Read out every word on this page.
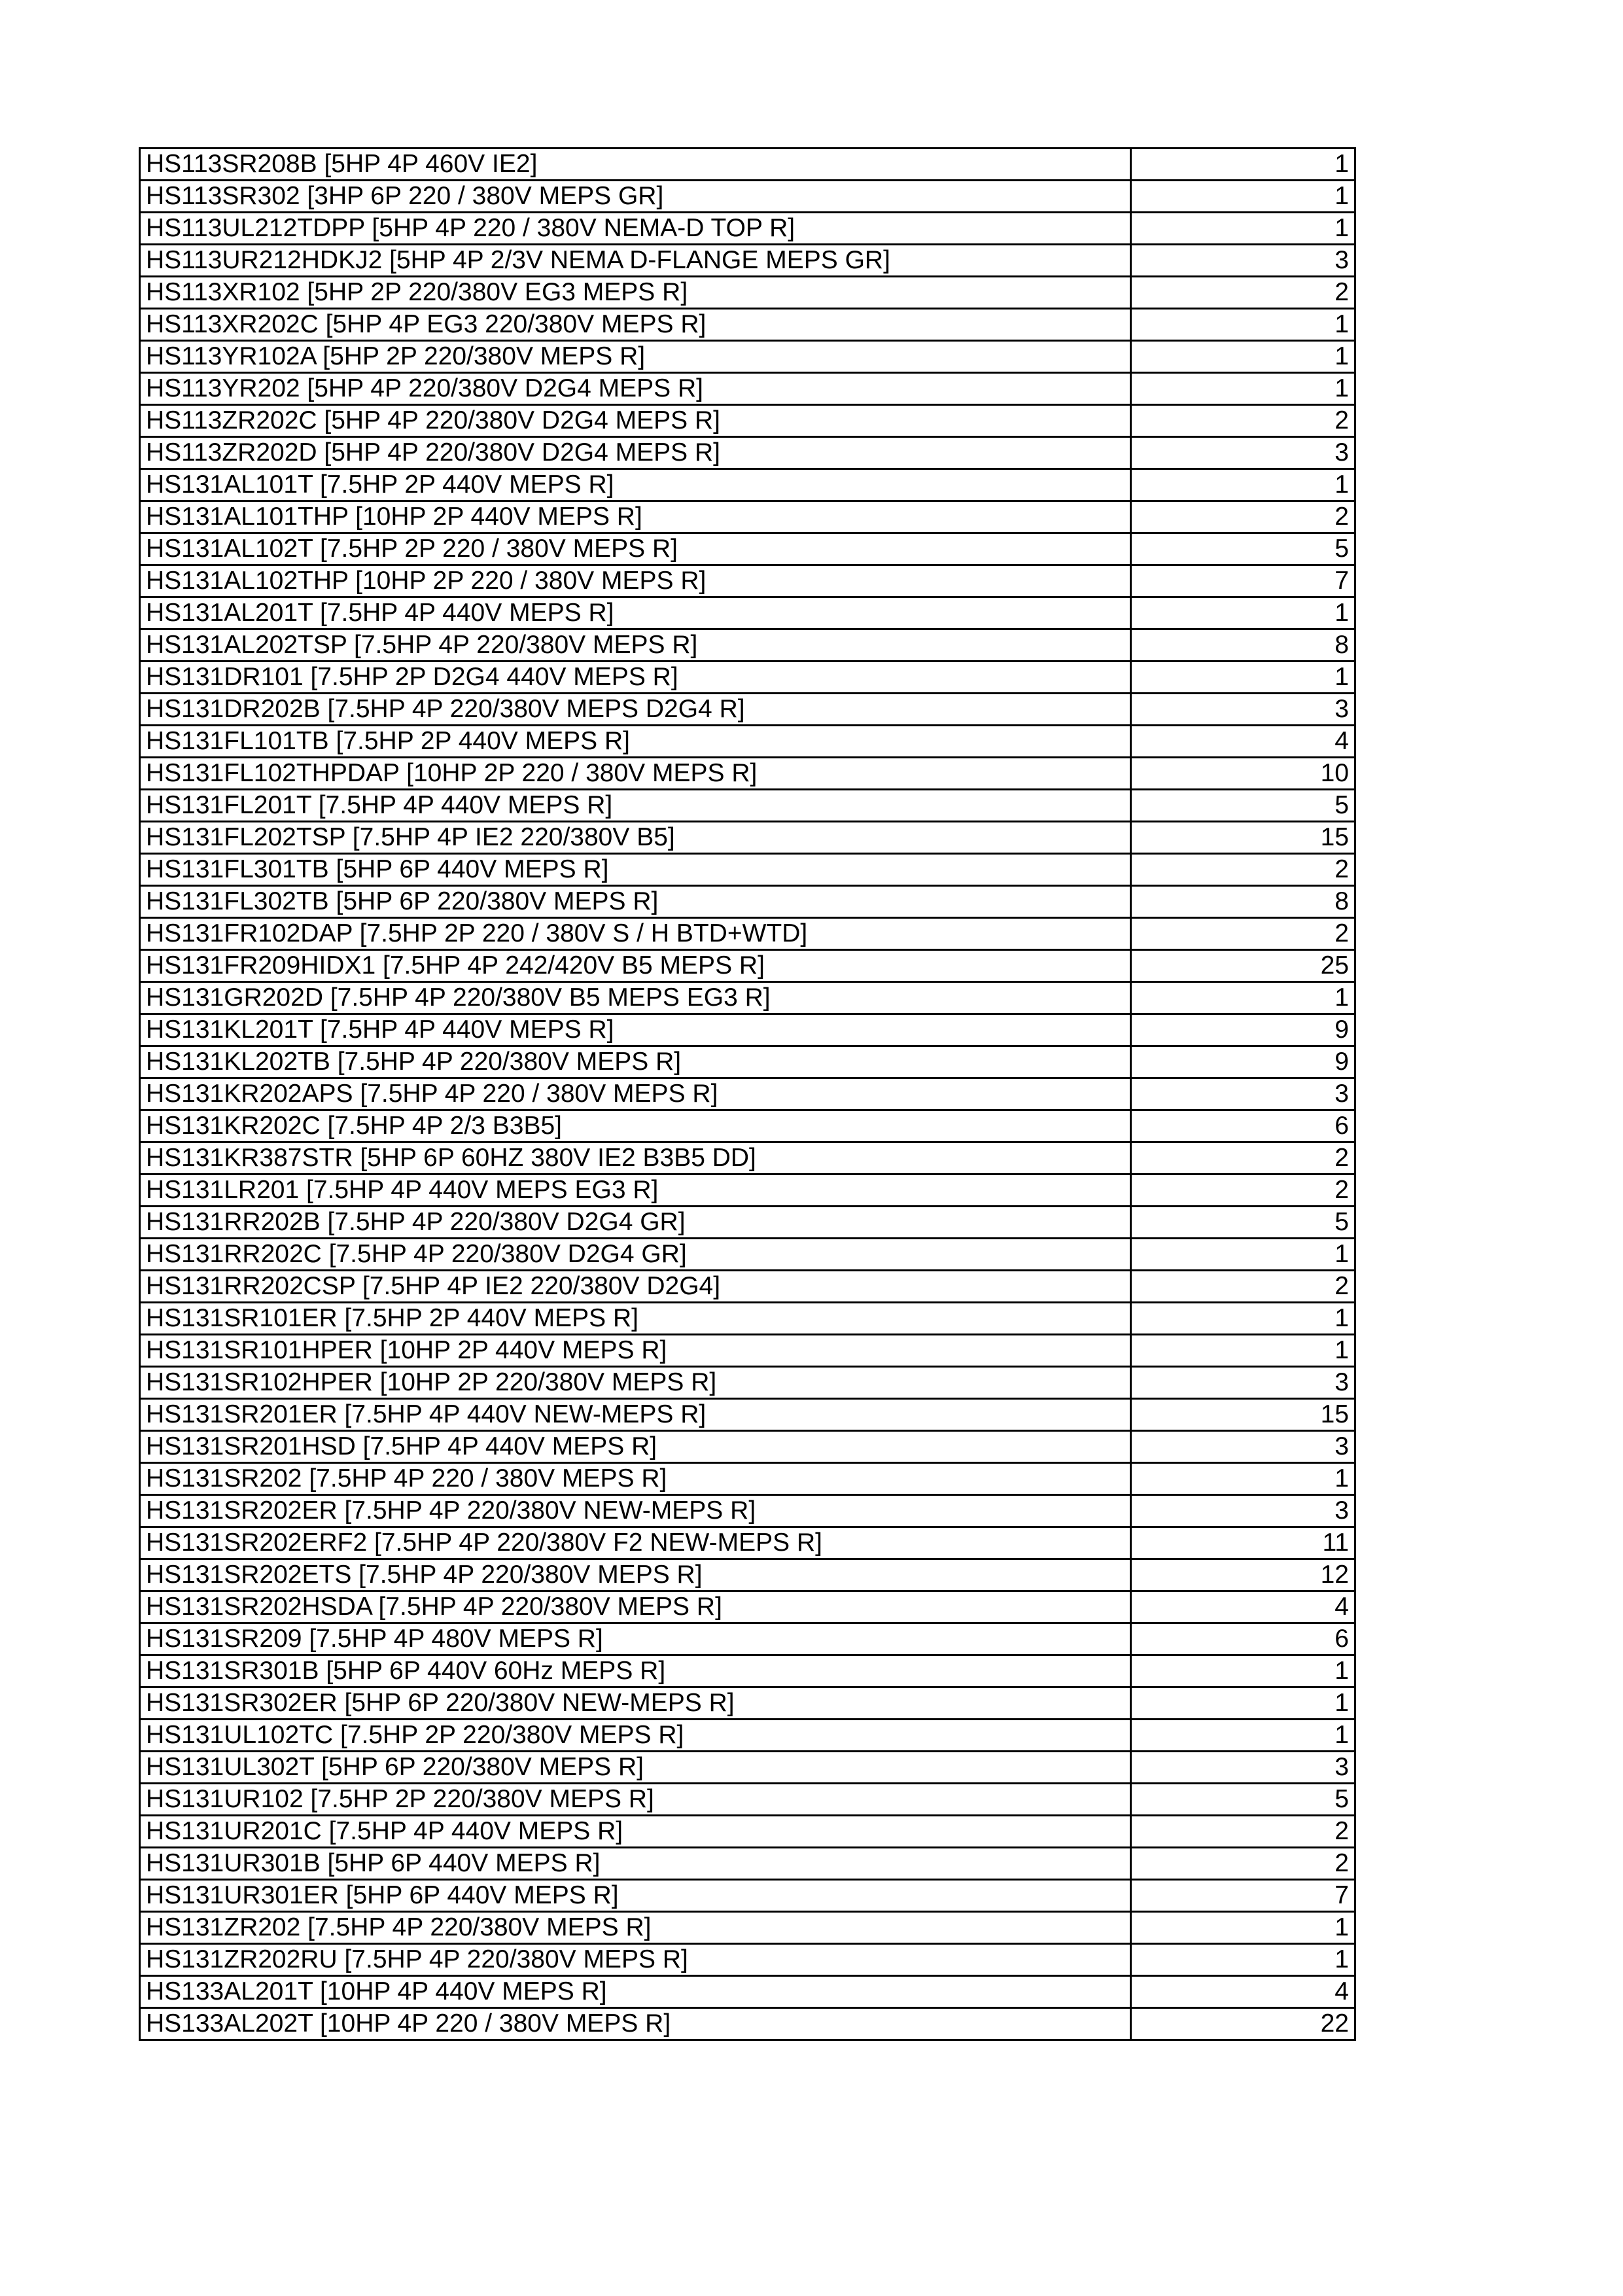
HS113SR208B [5HP 4P 460V IE2]	1
HS113SR302 [3HP 6P 220 / 380V MEPS GR]	1
HS113UL212TDPP [5HP 4P 220 / 380V NEMA-D TOP R]	1
HS113UR212HDKJ2 [5HP 4P 2/3V NEMA D-FLANGE MEPS GR]	3
HS113XR102 [5HP 2P 220/380V EG3 MEPS R]	2
HS113XR202C [5HP 4P EG3 220/380V MEPS R]	1
HS113YR102A [5HP 2P 220/380V MEPS R]	1
HS113YR202 [5HP 4P 220/380V D2G4 MEPS R]	1
HS113ZR202C [5HP 4P 220/380V D2G4 MEPS R]	2
HS113ZR202D [5HP 4P 220/380V D2G4 MEPS R]	3
HS131AL101T [7.5HP 2P 440V MEPS R]	1
HS131AL101THP [10HP 2P 440V MEPS R]	2
HS131AL102T [7.5HP 2P 220 / 380V MEPS R]	5
HS131AL102THP [10HP 2P 220 / 380V MEPS R]	7
HS131AL201T [7.5HP 4P 440V MEPS R]	1
HS131AL202TSP [7.5HP 4P 220/380V MEPS R]	8
HS131DR101 [7.5HP 2P D2G4 440V MEPS R]	1
HS131DR202B [7.5HP 4P 220/380V MEPS D2G4 R]	3
HS131FL101TB [7.5HP 2P 440V MEPS R]	4
HS131FL102THPDAP [10HP 2P 220 / 380V MEPS R]	10
HS131FL201T [7.5HP 4P 440V MEPS R]	5
HS131FL202TSP [7.5HP 4P IE2 220/380V B5]	15
HS131FL301TB [5HP 6P 440V MEPS R]	2
HS131FL302TB [5HP 6P 220/380V MEPS R]	8
HS131FR102DAP [7.5HP 2P 220 / 380V S / H BTD+WTD]	2
HS131FR209HIDX1 [7.5HP 4P 242/420V B5 MEPS R]	25
HS131GR202D [7.5HP 4P 220/380V B5 MEPS EG3 R]	1
HS131KL201T [7.5HP 4P 440V MEPS R]	9
HS131KL202TB [7.5HP 4P 220/380V MEPS R]	9
HS131KR202APS [7.5HP 4P 220 / 380V MEPS R]	3
HS131KR202C [7.5HP 4P 2/3 B3B5]	6
HS131KR387STR [5HP 6P 60HZ 380V IE2 B3B5 DD]	2
HS131LR201 [7.5HP 4P 440V MEPS EG3 R]	2
HS131RR202B [7.5HP 4P 220/380V D2G4 GR]	5
HS131RR202C [7.5HP 4P 220/380V D2G4 GR]	1
HS131RR202CSP [7.5HP 4P IE2 220/380V D2G4]	2
HS131SR101ER [7.5HP 2P 440V MEPS R]	1
HS131SR101HPER [10HP 2P 440V MEPS R]	1
HS131SR102HPER [10HP 2P 220/380V MEPS R]	3
HS131SR201ER [7.5HP 4P 440V NEW-MEPS R]	15
HS131SR201HSD [7.5HP 4P 440V MEPS R]	3
HS131SR202 [7.5HP 4P 220 / 380V MEPS R]	1
HS131SR202ER [7.5HP 4P 220/380V NEW-MEPS R]	3
HS131SR202ERF2 [7.5HP 4P 220/380V F2 NEW-MEPS R]	11
HS131SR202ETS [7.5HP 4P 220/380V MEPS R]	12
HS131SR202HSDA [7.5HP 4P 220/380V MEPS R]	4
HS131SR209 [7.5HP 4P 480V MEPS R]	6
HS131SR301B [5HP 6P 440V 60Hz MEPS R]	1
HS131SR302ER [5HP 6P 220/380V NEW-MEPS R]	1
HS131UL102TC [7.5HP 2P 220/380V MEPS R]	1
HS131UL302T [5HP 6P 220/380V MEPS R]	3
HS131UR102 [7.5HP 2P 220/380V MEPS R]	5
HS131UR201C [7.5HP 4P 440V MEPS R]	2
HS131UR301B [5HP 6P 440V MEPS R]	2
HS131UR301ER [5HP 6P 440V MEPS R]	7
HS131ZR202 [7.5HP 4P 220/380V MEPS R]	1
HS131ZR202RU [7.5HP 4P 220/380V MEPS R]	1
HS133AL201T [10HP 4P 440V MEPS R]	4
HS133AL202T [10HP 4P 220 / 380V MEPS R]	22
